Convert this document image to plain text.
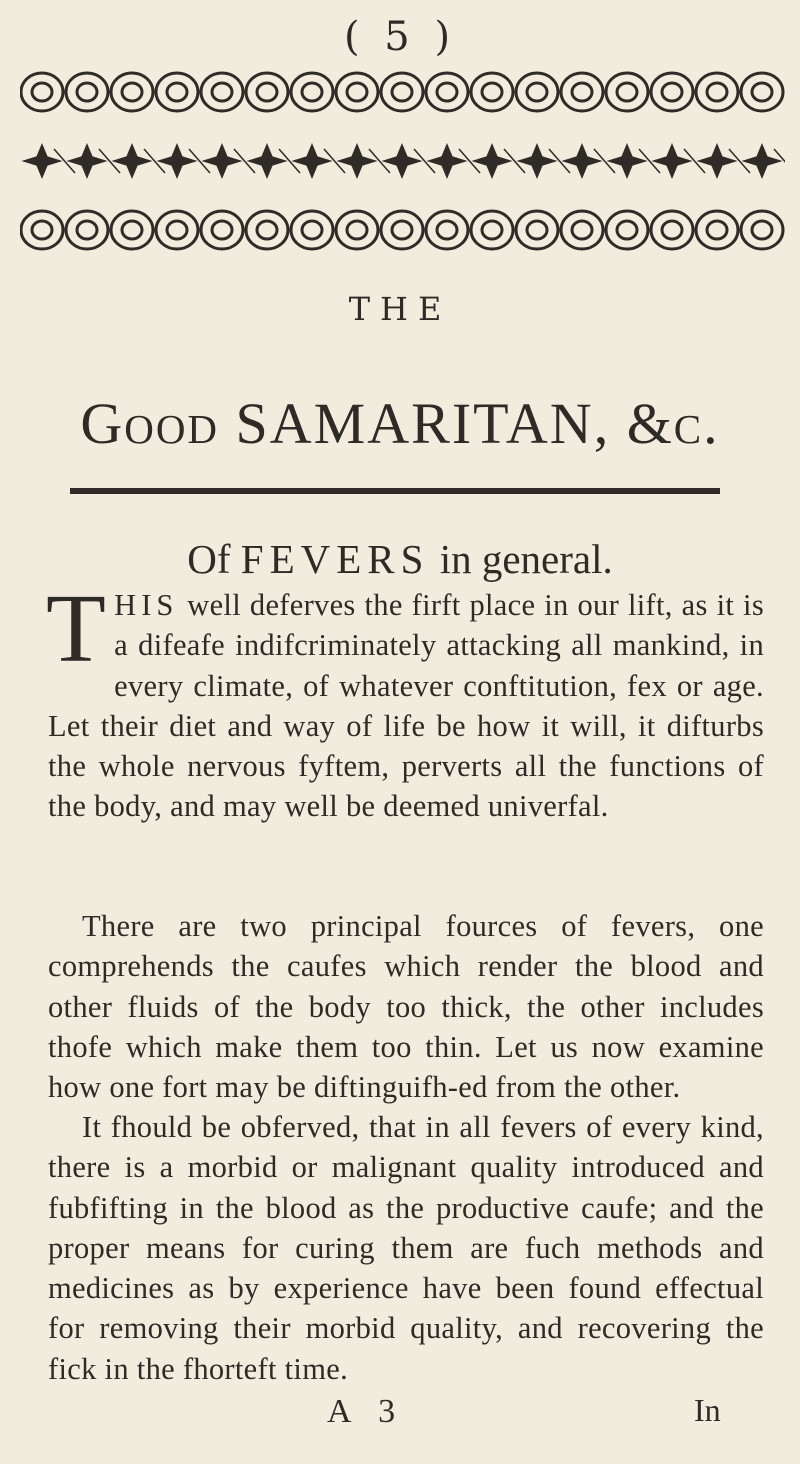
( 5 )
THE
Good SAMARITAN, &c.
Of FEVERS in general.

THIS well deferves the firft place in our lift, as it is a difeafe indifcriminately attacking all mankind, in every climate, of whatever conftitution, fex or age. Let their diet and way of life be how it will, it difturbs the whole nervous fyftem, perverts all the functions of the body, and may well be deemed univerfal.

There are two principal fources of fevers, one comprehends the caufes which render the blood and other fluids of the body too thick, the other includes thofe which make them too thin. Let us now examine how one fort may be diftinguifh-ed from the other.

It fhould be obferved, that in all fevers of every kind, there is a morbid or malignant quality introduced and fubfifting in the blood as the productive caufe; and the proper means for curing them are fuch methods and medicines as by experience have been found effectual for removing their morbid quality, and recovering the fick in the fhorteft time.

A 3	In
